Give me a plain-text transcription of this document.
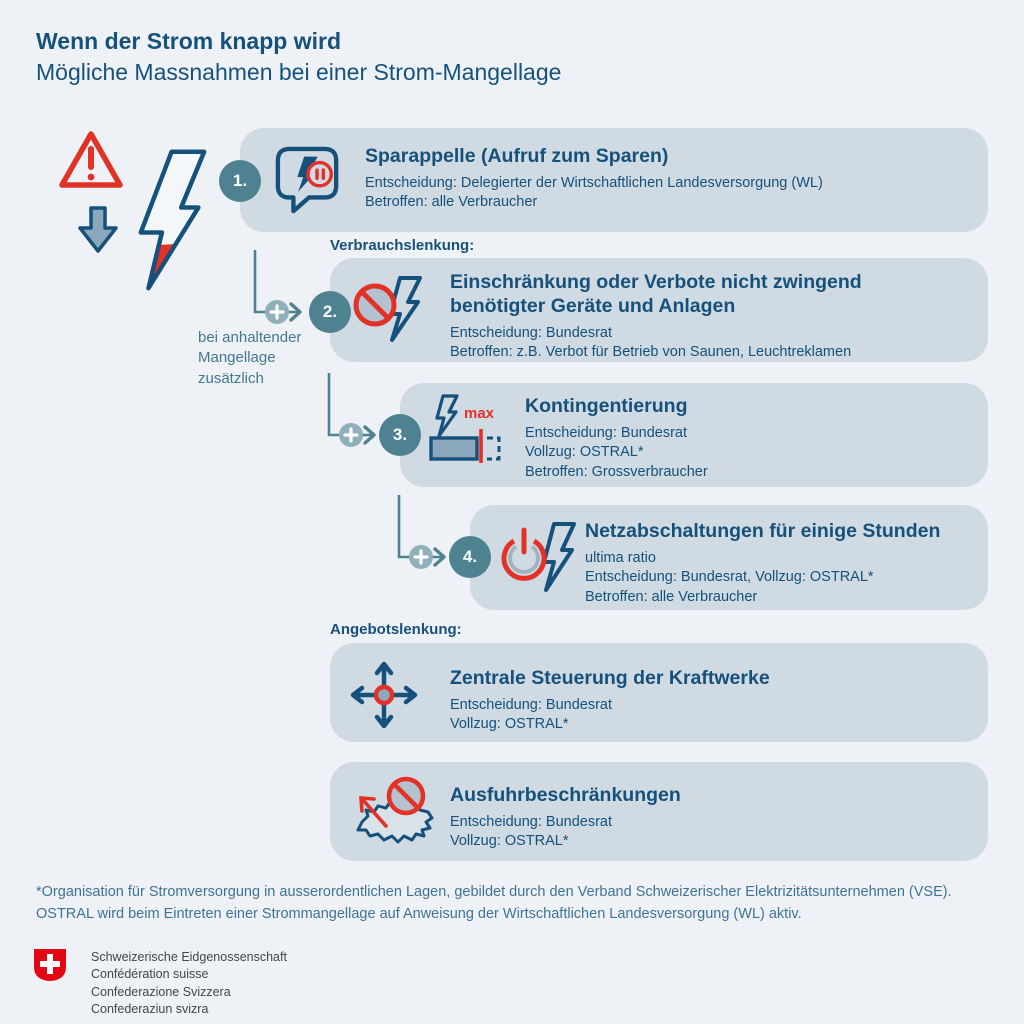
Wenn der Strom knapp wird
Mögliche Massnahmen bei einer Strom-Mangellage
Sparappelle (Aufruf zum Sparen)
Entscheidung: Delegierter der Wirtschaftlichen Landesversorgung (WL)
Betroffen: alle Verbraucher
1.
Verbrauchslenkung:
bei anhaltender Mangellage zusätzlich
Einschränkung oder Verbote nicht zwingend benötigter Geräte und Anlagen
Entscheidung: Bundesrat
Betroffen: z.B. Verbot für Betrieb von Saunen, Leuchtreklamen
2.
max Kontingentierung
Entscheidung: Bundesrat
Vollzug: OSTRAL*
Betroffen: Grossverbraucher
3.
Netzabschaltungen für einige Stunden
ultima ratio
Entscheidung: Bundesrat, Vollzug: OSTRAL*
Betroffen: alle Verbraucher
4.
Angebotslenkung:
Zentrale Steuerung der Kraftwerke
Entscheidung: Bundesrat
Vollzug: OSTRAL*
Ausfuhrbeschränkungen
Entscheidung: Bundesrat
Vollzug: OSTRAL*
*Organisation für Stromversorgung in ausserordentlichen Lagen, gebildet durch den Verband Schweizerischer Elektrizitätsunternehmen (VSE).
OSTRAL wird beim Eintreten einer Strommangellage auf Anweisung der Wirtschaftlichen Landesversorgung (WL) aktiv.
Schweizerische Eidgenossenschaft
Confédération suisse
Confederazione Svizzera
Confederaziun svizra
